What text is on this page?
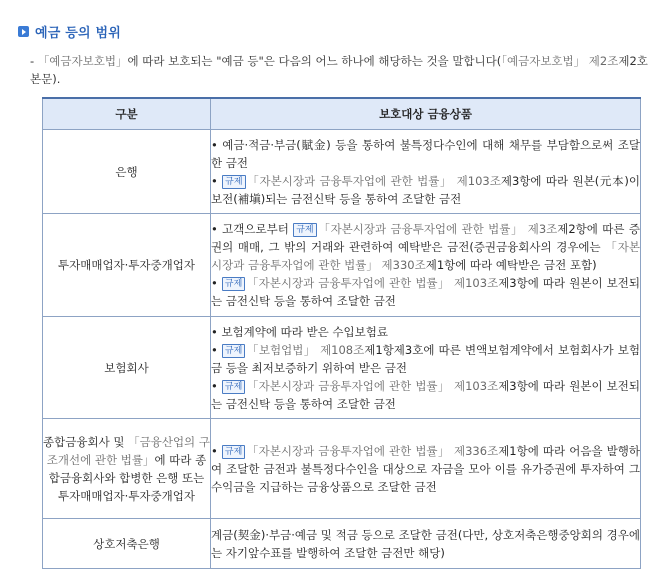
예금 등의 범위
- 「예금자보호법」에 따라 보호되는 "예금 등"은 다음의 어느 하나에 해당하는 것을 말합니다(「예금자보호법」 제2조제2호 본문).
구분	보호대상 금융상품
은행	• 예금·적금·부금(賦金) 등을 통하여 불특정다수인에 대해 채무를 부담함으로써 조달한 금전
• 규제 「자본시장과 금융투자업에 관한 법률」 제103조제3항에 따라 원본(元本)이 보전(補塡)되는 금전신탁 등을 통하여 조달한 금전

투자매매업자·투자중개업자	• 고객으로부터 규제 「자본시장과 금융투자업에 관한 법률」 제3조제2항에 따른 증권의 매매, 그 밖의 거래와 관련하여 예탁받은 금전(증권금융회사의 경우에는 「자본시장과 금융투자업에 관한 법률」 제330조제1항에 따라 예탁받은 금전 포함)
• 규제 「자본시장과 금융투자업에 관한 법률」 제103조제3항에 따라 원본이 보전되는 금전신탁 등을 통하여 조달한 금전

보험회사	• 보험계약에 따라 받은 수입보험료
• 규제 「보험업법」 제108조제1항제3호에 따른 변액보험계약에서 보험회사가 보험금 등을 최저보증하기 위하여 받은 금전
• 규제 「자본시장과 금융투자업에 관한 법률」 제103조제3항에 따라 원본이 보전되는 금전신탁 등을 통하여 조달한 금전

종합금융회사 및 「금융산업의 구조개선에 관한 법률」에 따라 종합금융회사와 합병한 은행 또는 투자매매업자·투자중개업자	• 규제 「자본시장과 금융투자업에 관한 법률」 제336조제1항에 따라 어음을 발행하여 조달한 금전과 불특정다수인을 대상으로 자금을 모아 이를 유가증권에 투자하여 그 수익금을 지급하는 금융상품으로 조달한 금전

상호저축은행	계금(契金)·부금·예금 및 적금 등으로 조달한 금전(다만, 상호저축은행중앙회의 경우에는 자기앞수표를 발행하여 조달한 금전만 해당)
